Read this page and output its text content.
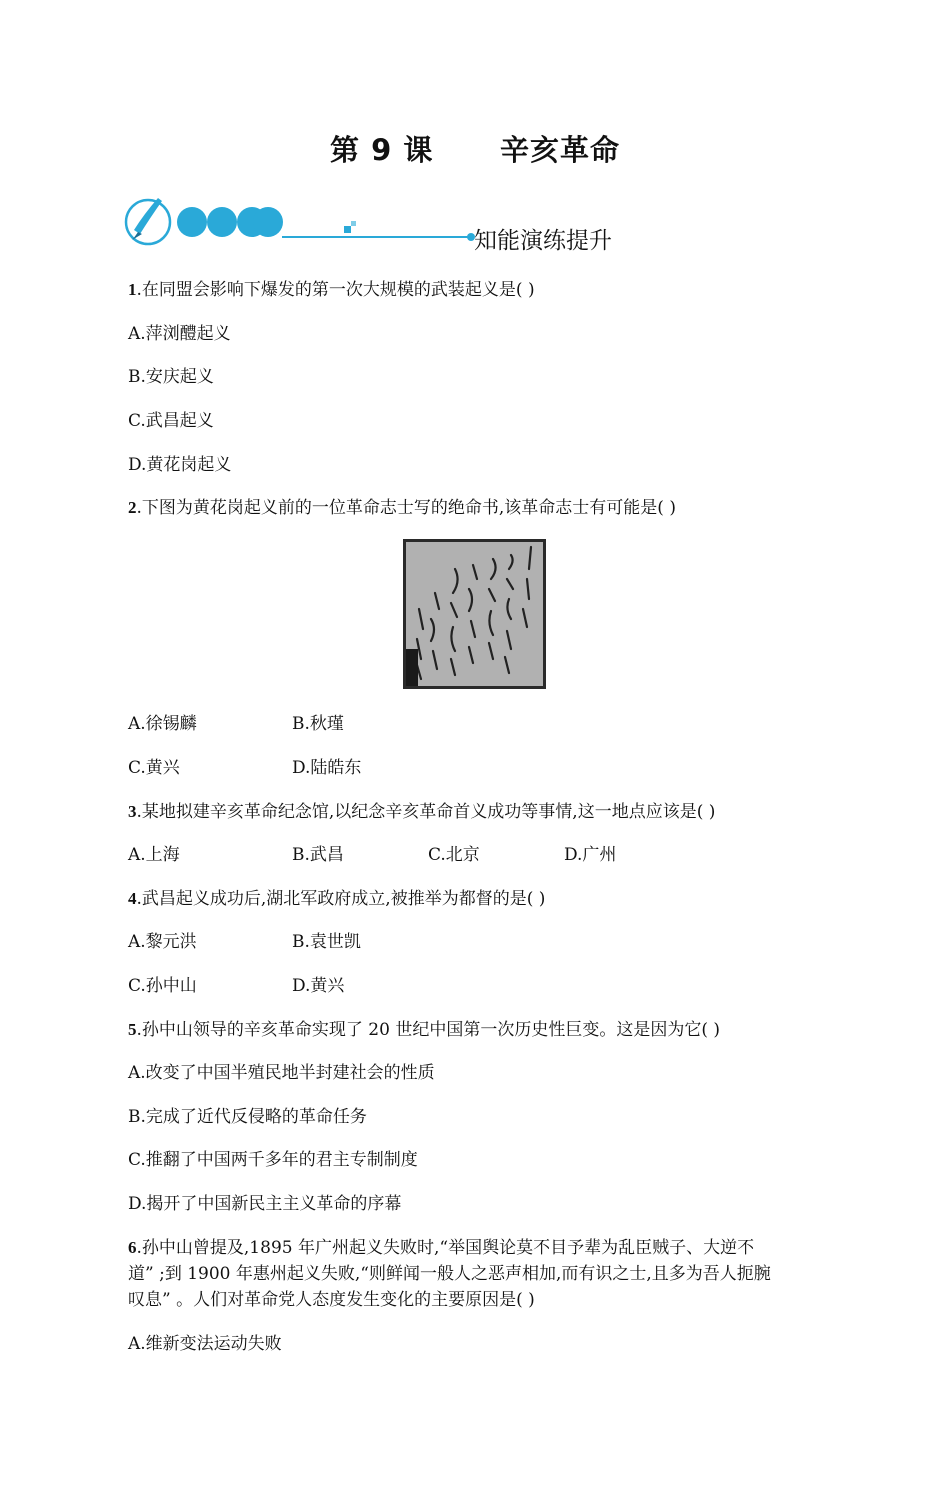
第 9 课      辛亥革命
知能演练提升
1.在同盟会影响下爆发的第一次大规模的武装起义是( )
A.萍浏醴起义
B.安庆起义
C.武昌起义
D.黄花岗起义
2.下图为黄花岗起义前的一位革命志士写的绝命书,该革命志士有可能是( )
A.徐锡麟	B.秋瑾
C.黄兴	D.陆皓东
3.某地拟建辛亥革命纪念馆,以纪念辛亥革命首义成功等事情,这一地点应该是( )
A.上海	B.武昌	C.北京	D.广州
4.武昌起义成功后,湖北军政府成立,被推举为都督的是( )
A.黎元洪	B.袁世凯
C.孙中山	D.黄兴
5.孙中山领导的辛亥革命实现了 20 世纪中国第一次历史性巨变。这是因为它( )
A.改变了中国半殖民地半封建社会的性质
B.完成了近代反侵略的革命任务
C.推翻了中国两千多年的君主专制制度
D.揭开了中国新民主主义革命的序幕
6.孙中山曾提及,1895 年广州起义失败时,“举国舆论莫不目予辈为乱臣贼子、大逆不
道” ;到 1900 年惠州起义失败,“则鲜闻一般人之恶声相加,而有识之士,且多为吾人扼腕
叹息” 。人们对革命党人态度发生变化的主要原因是( )
A.维新变法运动失败
